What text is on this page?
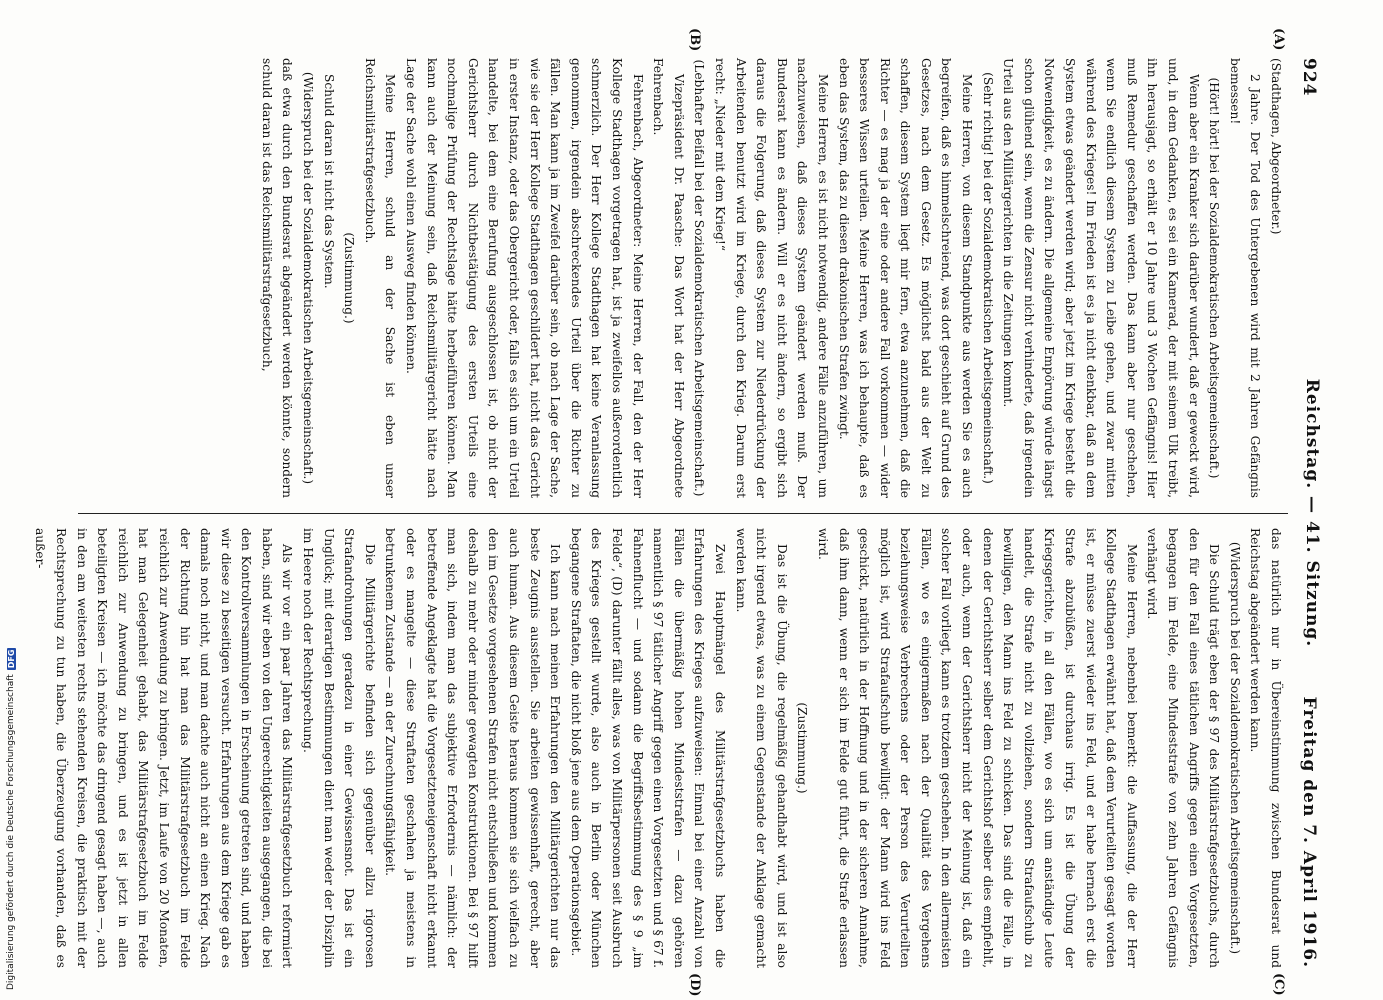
924
Reichstag. — 41. Sitzung.
Freitag den 7. April 1916.
(A)
(B)
(C)
(D)

(Stadthagen, Abgeordneter.)

2 Jahre. Der Tod des Untergebenen wird mit 2 Jahren Gefängnis bemessen!

(Hört! hört! bei der Sozialdemokratischen Arbeitsgemeinschaft.)

Wenn aber ein Kranker sich darüber wundert, daß er geweckt wird, und, in dem Gedanken, es sei ein Kamerad, der mit seinem Ulk treibt, ihn herausjagt, so erhält er 10 Jahre und 3 Wochen Gefängnis! Hier muß Remedur geschaffen werden. Das kann aber nur geschehen, wenn Sie endlich diesem System zu Leibe gehen, und zwar mitten während des Krieges! Im Frieden ist es ja nicht denkbar, daß an dem System etwas geändert werden wird; aber jetzt im Kriege besteht die Notwendigkeit, es zu ändern. Die allgemeine Empörung würde längst schon glühend sein, wenn die Zensur nicht verhinderte, daß irgendein Urteil aus den Militärgerichten in die Zeitungen kommt.

(Sehr richtig! bei der Sozialdemokratischen Arbeitsgemeinschaft.)

Meine Herren, von diesem Standpunkte aus werden Sie es auch begreifen, daß es himmelschreiend, was dort geschieht auf Grund des Gesetzes, nach dem Gesetz. Es möglichst bald aus der Welt zu schaffen, diesem System liegt mir fern, etwa anzunehmen, daß die Richter — es mag ja der eine oder andere Fall vorkommen — wider besseres Wissen urteilen. Meine Herren, was ich behaupte, daß es eben das System, das zu diesen drakonischen Strafen zwingt.

Meine Herren, es ist nicht notwendig, andere Fälle anzuführen, um nachzuweisen, daß dieses System geändert werden muß. Der Bundesrat kann es ändern. Will er es nicht ändern, so ergibt sich daraus die Folgerung, daß dieses System zur Niederdrückung der Arbeitenden benutzt wird im Kriege, durch den Krieg. Darum erst recht: „Nieder mit dem Krieg!“

(Lebhafter Beifall bei der Sozialdemokratischen Arbeitsgemeinschaft.)

Vizepräsident Dr. Paasche: Das Wort hat der Herr Abgeordnete Fehrenbach.

Fehrenbach, Abgeordneter: Meine Herren, der Fall, den der Herr Kollege Stadthagen vorgetragen hat, ist ja zweifellos außerordentlich schmerzlich. Der Herr Kollege Stadthagen hat keine Veranlassung genommen, irgendein abschreckendes Urteil über die Richter zu fällen. Man kann ja im Zweifel darüber sein, ob nach Lage der Sache, wie sie der Herr Kollege Stadthagen geschildert hat, nicht das Gericht in erster Instanz, oder das Obergericht oder, falls es sich um ein Urteil handelte, bei dem eine Berufung ausgeschlossen ist, ob nicht der Gerichtsherr durch Nichtbestätigung des ersten Urteils eine nochmalige Prüfung der Rechtslage hätte herbeiführen können. Man kann auch der Meinung sein, daß Reichsmilitärgericht hätte nach Lage der Sache wohl einen Ausweg finden können.

Meine Herren, schuld an der Sache ist eben unser Reichsmilitärstrafgesetzbuch.

(Zustimmung.)

Schuld daran ist nicht das System.

(Widerspruch bei der Sozialdemokratischen Arbeitsgemeinschaft.)

daß etwa durch den Bundesrat abgeändert werden könnte, sondern schuld daran ist das Reichsmilitärstrafgesetzbuch,

das natürlich nur in Übereinstimmung zwischen Bundesrat und Reichstag abgeändert werden kann.

(Widerspruch bei der Sozialdemokratischen Arbeitsgemeinschaft.)

Die Schuld trägt eben der § 97 des Militärstrafgesetzbuchs, durch den für den Fall eines tätlichen Angriffs gegen einen Vorgesetzten, begangen im Felde, eine Mindeststrafe von zehn Jahren Gefängnis verhängt wird.

Meine Herren, nebenbei bemerkt: die Auffassung, die der Herr Kollege Stadthagen erwähnt hat, daß dem Verurteilten gesagt worden ist, er müsse zuerst wieder ins Feld, und er habe hernach erst die Strafe abzubüßen, ist durchaus irrig. Es ist die Übung der Kriegsgerichte, in all den Fällen, wo es sich um anständige Leute handelt, die Strafe nicht zu vollziehen, sondern Strafaufschub zu bewilligen, den Mann ins Feld zu schicken. Das sind die Fälle, in denen der Gerichtsherr selber dem Gerichtshof selber dies empfiehlt, oder auch, wenn der Gerichtsherr nicht der Meinung ist, daß ein solcher Fall vorliegt, kann es trotzdem geschehen. In den allermeisten Fällen, wo es einigermaßen nach der Qualität des Vergehens beziehungsweise Verbrechens oder der Person des Verurteilten möglich ist, wird Strafaufschub bewilligt: der Mann wird ins Feld geschickt, natürlich in der Hoffnung und in der sicheren Annahme, daß ihm dann, wenn er sich im Felde gut führt, die Strafe erlassen wird.

(Zustimmung.)

Das ist die Übung, die regelmäßig gehandhabt wird, und ist also nicht irgend etwas, was zu einem Gegenstande der Anklage gemacht werden kann.

Zwei Hauptmängel des Militärstrafgesetzbuchs haben die Erfahrungen des Krieges aufzuweisen: Einmal bei einer Anzahl von Fällen die übermäßig hohen Mindeststrafen — dazu gehören namentlich § 97 tätlicher Angriff gegen einen Vorgesetzten und § 67 f. Fahnenflucht — und sodann die Begriffsbestimmung des § 9 „im Felde“, (D) darunter fällt alles, was von Militärpersonen seit Ausbruch des Krieges gestellt wurde, also auch in Berlin oder München begangene Straftaten, die nicht bloß jene aus dem Operationsgebiet.

Ich kann nach meinen Erfahrungen den Militärgerichten nur das beste Zeugnis ausstellen. Sie arbeiten gewissenhaft, gerecht, aber auch human. Aus diesem Geiste heraus kommen sie sich vielfach zu den im Gesetze vorgesehenen Strafen nicht entschließen und kommen deshalb zu mehr oder minder gewagten Konstruktionen. Bei § 97 hilft man sich, indem man das subjektive Erfordernis — nämlich: der betreffende Angeklagte hat die Vorgesetzteneigenschaft nicht erkannt oder es mangelte — diese Straftaten geschahen ja meistens in betrunkenem Zustande — an der Zurechnungsfähigkeit.

Die Militärgerichte befinden sich gegenüber allzu rigorosen Strafandrohungen geradezu in einer Gewissensnot. Das ist ein Unglück; mit derartigen Bestimmungen dient man weder der Disziplin im Heere noch der Rechtsprechung.

Als wir vor ein paar Jahren das Militärstrafgesetzbuch reformiert haben, sind wir eben von den Ungerechtigkeiten ausgegangen, die bei den Kontrollversammlungen in Erscheinung getreten sind, und haben wir diese zu beseitigen versucht. Erfahrungen aus dem Kriege gab es damals noch nicht, und man dachte auch nicht an einen Krieg. Nach der Richtung hin hat man das Militärstrafgesetzbuch im Felde reichlich zur Anwendung zu bringen. Jetzt, im Laufe von 20 Monaten, hat man Gelegenheit gehabt, das Militärstrafgesetzbuch im Felde reichlich zur Anwendung zu bringen, und es ist jetzt in allen beteiligten Kreisen — ich möchte das dringend gesagt haben —, auch in den am weitesten rechts stehenden Kreisen, die praktisch mit der Rechtsprechung zu tun haben, die Überzeugung vorhanden, daß es außer-

Digitalisierung gefördert durch die Deutsche Forschungsgemeinschaft
DFG
